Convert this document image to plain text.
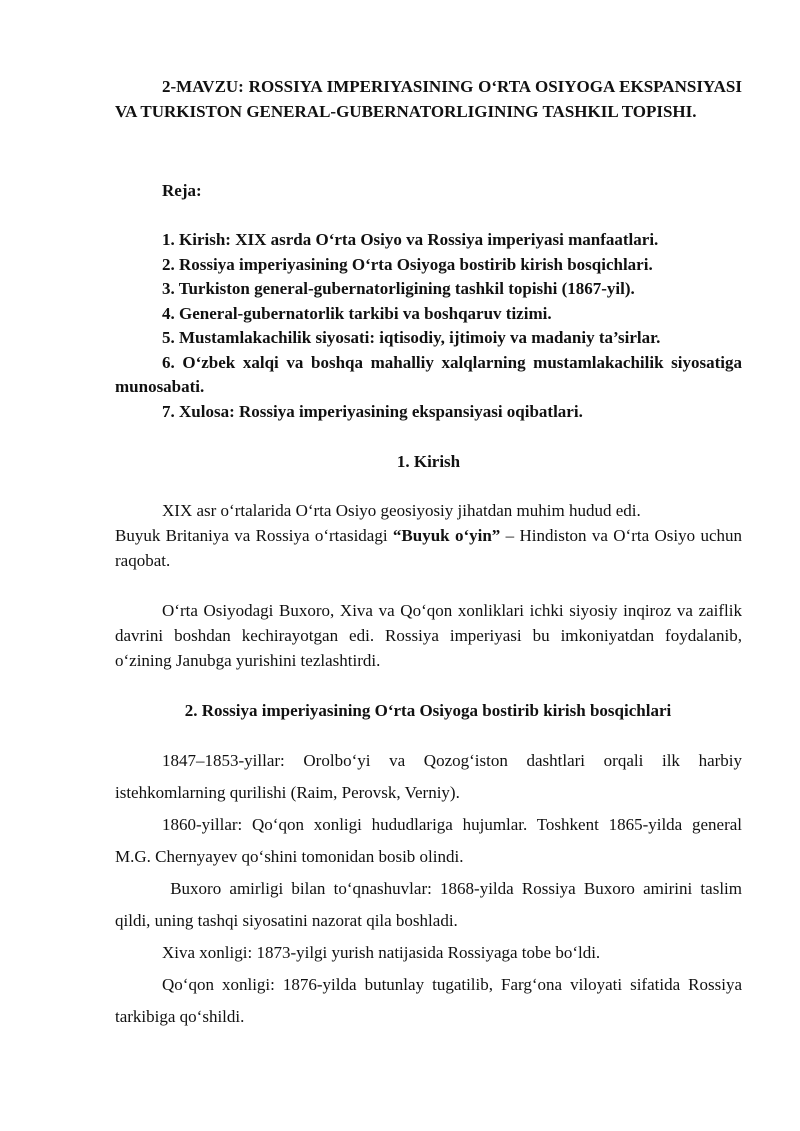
2-MAVZU: ROSSIYA IMPERIYASINING O‘RTA OSIYOGA EKSPANSIYASI VA TURKISTON GENERAL-GUBERNATORLIGINING TASHKIL TOPISHI.

Reja:

1. Kirish: XIX asrda O‘rta Osiyo va Rossiya imperiyasi manfaatlari.
2. Rossiya imperiyasining O‘rta Osiyoga bostirib kirish bosqichlari.
3. Turkiston general-gubernatorligining tashkil topishi (1867-yil).
4. General-gubernatorlik tarkibi va boshqaruv tizimi.
5. Mustamlakachilik siyosati: iqtisodiy, ijtimoiy va madaniy ta’sirlar.
6. O‘zbek xalqi va boshqa mahalliy xalqlarning mustamlakachilik siyosatiga munosabati.
7. Xulosa: Rossiya imperiyasining ekspansiyasi oqibatlari.

1. Kirish

XIX asr o‘rtalarida O‘rta Osiyo geosiyosiy jihatdan muhim hudud edi.
Buyuk Britaniya va Rossiya o‘rtasidagi “Buyuk o‘yin” – Hindiston va O‘rta Osiyo uchun raqobat.

O‘rta Osiyodagi Buxoro, Xiva va Qo‘qon xonliklari ichki siyosiy inqiroz va zaiflik davrini boshdan kechirayotgan edi. Rossiya imperiyasi bu imkoniyatdan foydalanib, o‘zining Janubga yurishini tezlashtirdi.

2. Rossiya imperiyasining O‘rta Osiyoga bostirib kirish bosqichlari

1847–1853-yillar: Orolbo‘yi va Qozog‘iston dashtlari orqali ilk harbiy istehkomlarning qurilishi (Raim, Perovsk, Verniy).

1860-yillar: Qo‘qon xonligi hududlariga hujumlar. Toshkent 1865-yilda general M.G. Chernyayev qo‘shini tomonidan bosib olindi.

Buxoro amirligi bilan to‘qnashuvlar: 1868-yilda Rossiya Buxoro amirini taslim qildi, uning tashqi siyosatini nazorat qila boshladi.

Xiva xonligi: 1873-yilgi yurish natijasida Rossiyaga tobe bo‘ldi.

Qo‘qon xonligi: 1876-yilda butunlay tugatilib, Farg‘ona viloyati sifatida Rossiya tarkibiga qo‘shildi.
